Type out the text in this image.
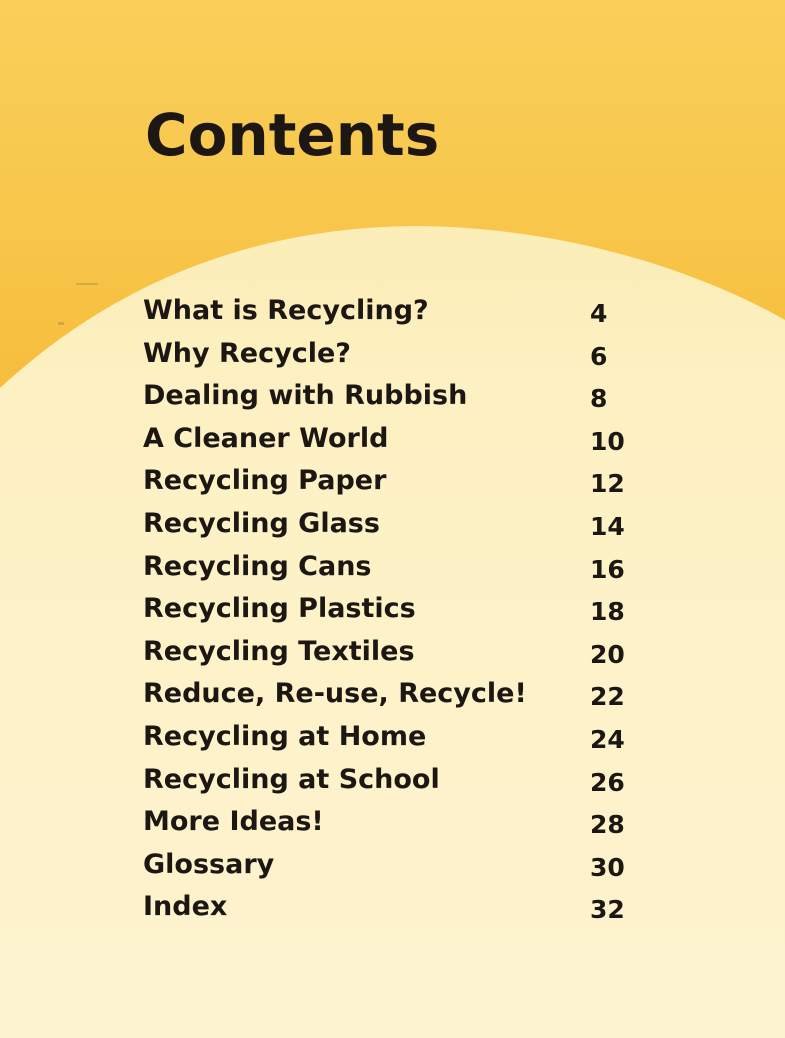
Contents
What is Recycling?	4
Why Recycle?	6
Dealing with Rubbish	8
A Cleaner World	10
Recycling Paper	12
Recycling Glass	14
Recycling Cans	16
Recycling Plastics	18
Recycling Textiles	20
Reduce, Re-use, Recycle!	22
Recycling at Home	24
Recycling at School	26
More Ideas!	28
Glossary	30
Index	32
